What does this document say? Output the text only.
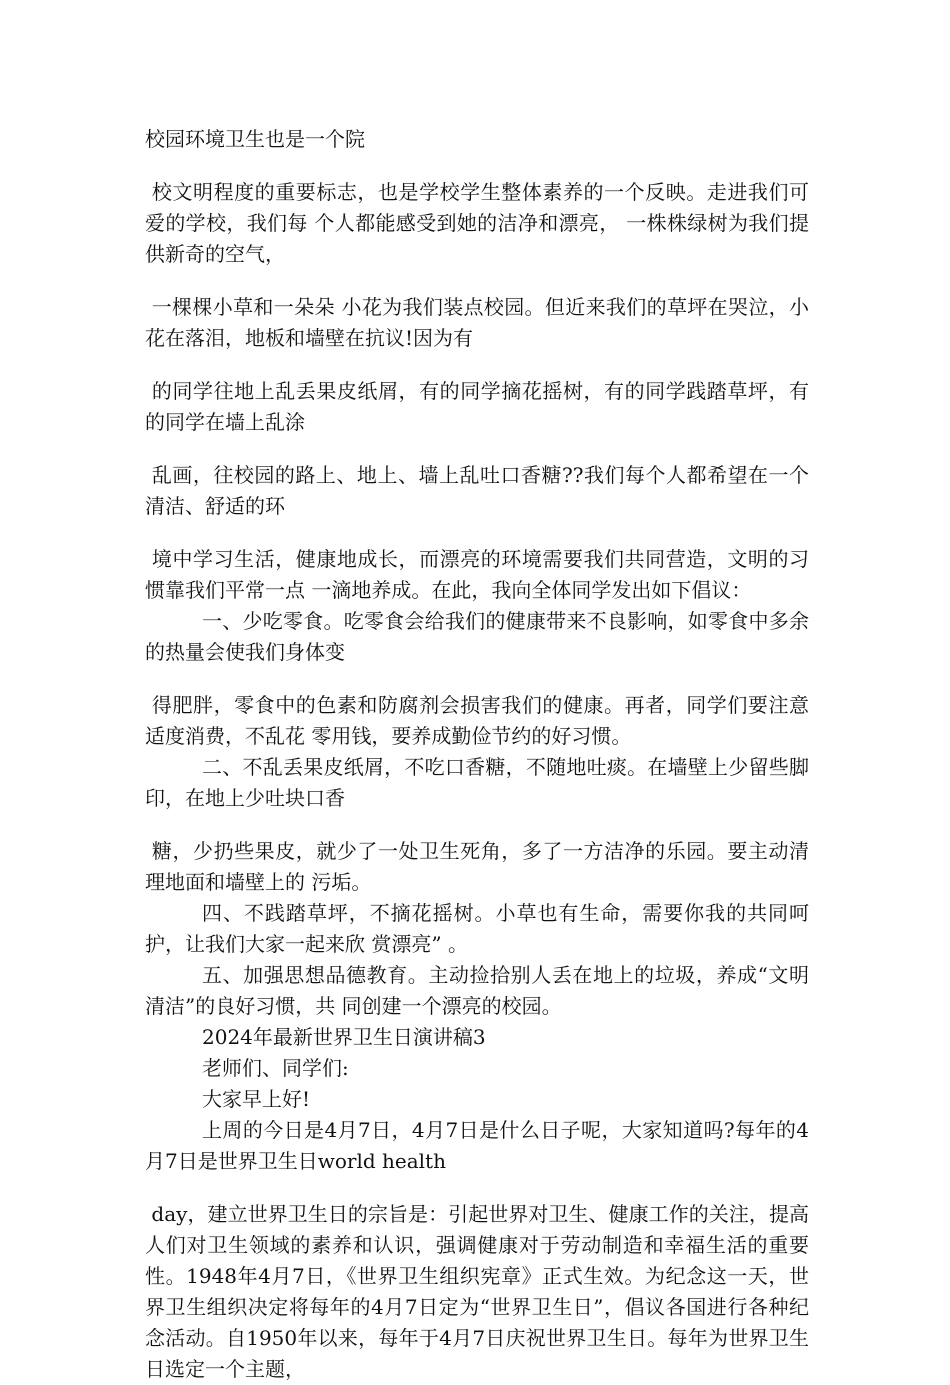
校园环境卫生也是一个院

校文明程度的重要标志，也是学校学生整体素养的一个反映。走进我们可爱的学校，我们每 个人都能感受到她的洁净和漂亮， 一株株绿树为我们提供新奇的空气，

一棵棵小草和一朵朵 小花为我们装点校园。但近来我们的草坪在哭泣，小花在落泪，地板和墙壁在抗议!因为有

的同学往地上乱丢果皮纸屑，有的同学摘花摇树，有的同学践踏草坪，有的同学在墙上乱涂

乱画，往校园的路上、地上、墙上乱吐口香糖??我们每个人都希望在一个清洁、舒适的环

境中学习生活，健康地成长，而漂亮的环境需要我们共同营造，文明的习惯靠我们平常一点 一滴地养成。在此，我向全体同学发出如下倡议：

一、少吃零食。吃零食会给我们的健康带来不良影响，如零食中多余的热量会使我们身体变

得肥胖，零食中的色素和防腐剂会损害我们的健康。再者，同学们要注意适度消费，不乱花 零用钱，要养成勤俭节约的好习惯。

二、不乱丢果皮纸屑，不吃口香糖，不随地吐痰。在墙壁上少留些脚印，在地上少吐块口香

糖，少扔些果皮，就少了一处卫生死角，多了一方洁净的乐园。要主动清理地面和墙壁上的 污垢。

四、不践踏草坪，不摘花摇树。小草也有生命，需要你我的共同呵护，让我们大家一起来欣 赏漂亮” 。

五、加强思想品德教育。主动捡拾别人丢在地上的垃圾，养成“文明清洁”的良好习惯，共 同创建一个漂亮的校园。

2024年最新世界卫生日演讲稿3

老师们、同学们:

大家早上好!

上周的今日是4月7日，4月7日是什么日子呢，大家知道吗?每年的4月7日是世界卫生日world health

day，建立世界卫生日的宗旨是：引起世界对卫生、健康工作的关注，提高人们对卫生领域的素养和认识，强调健康对于劳动制造和幸福生活的重要性。1948年4月7日，《世界卫生组织宪章》正式生效。为纪念这一天，世界卫生组织决定将每年的4月7日定为“世界卫生日”，倡议各国进行各种纪念活动。自1950年以来，每年于4月7日庆祝世界卫生日。每年为世界卫生日选定一个主题，
